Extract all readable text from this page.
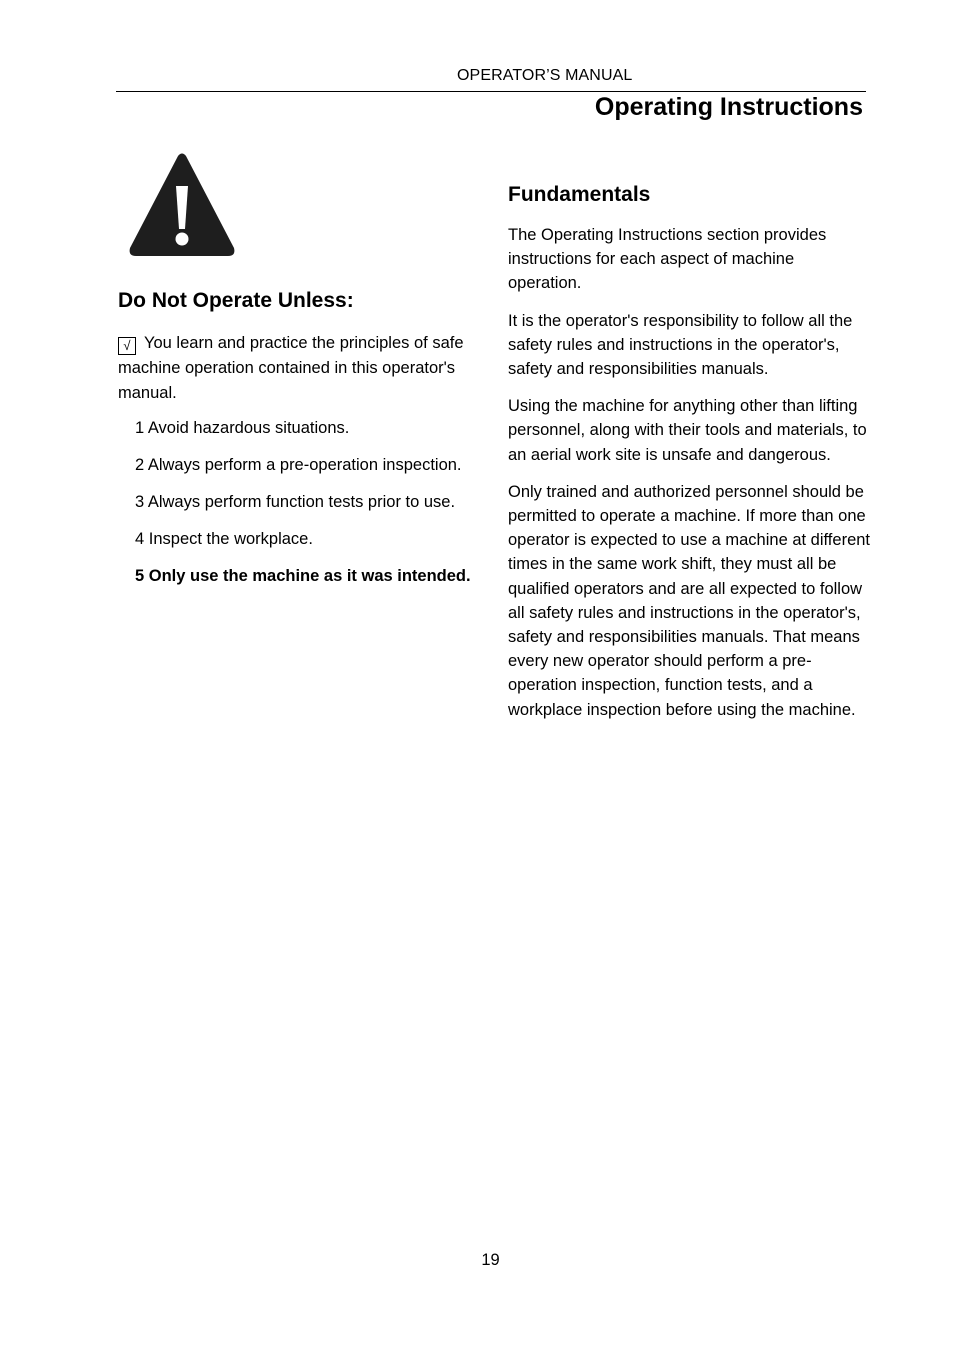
OPERATOR’S MANUAL
Operating Instructions
Do Not Operate Unless:

√ You learn and practice the principles of safe machine operation contained in this operator's manual.

1 Avoid hazardous situations.
2 Always perform a pre-operation inspection.
3 Always perform function tests prior to use.
4 Inspect the workplace.
5 Only use the machine as it was intended.
Fundamentals

The Operating Instructions section provides instructions for each aspect of machine operation.

It is the operator's responsibility to follow all the safety rules and instructions in the operator's, safety and responsibilities manuals.

Using the machine for anything other than lifting personnel, along with their tools and materials, to an aerial work site is unsafe and dangerous.

Only trained and authorized personnel should be permitted to operate a machine. If more than one operator is expected to use a machine at different times in the same work shift, they must all be qualified operators and are all expected to follow all safety rules and instructions in the operator's, safety and responsibilities manuals. That means every new operator should perform a pre-operation inspection, function tests, and a workplace inspection before using the machine.

19
